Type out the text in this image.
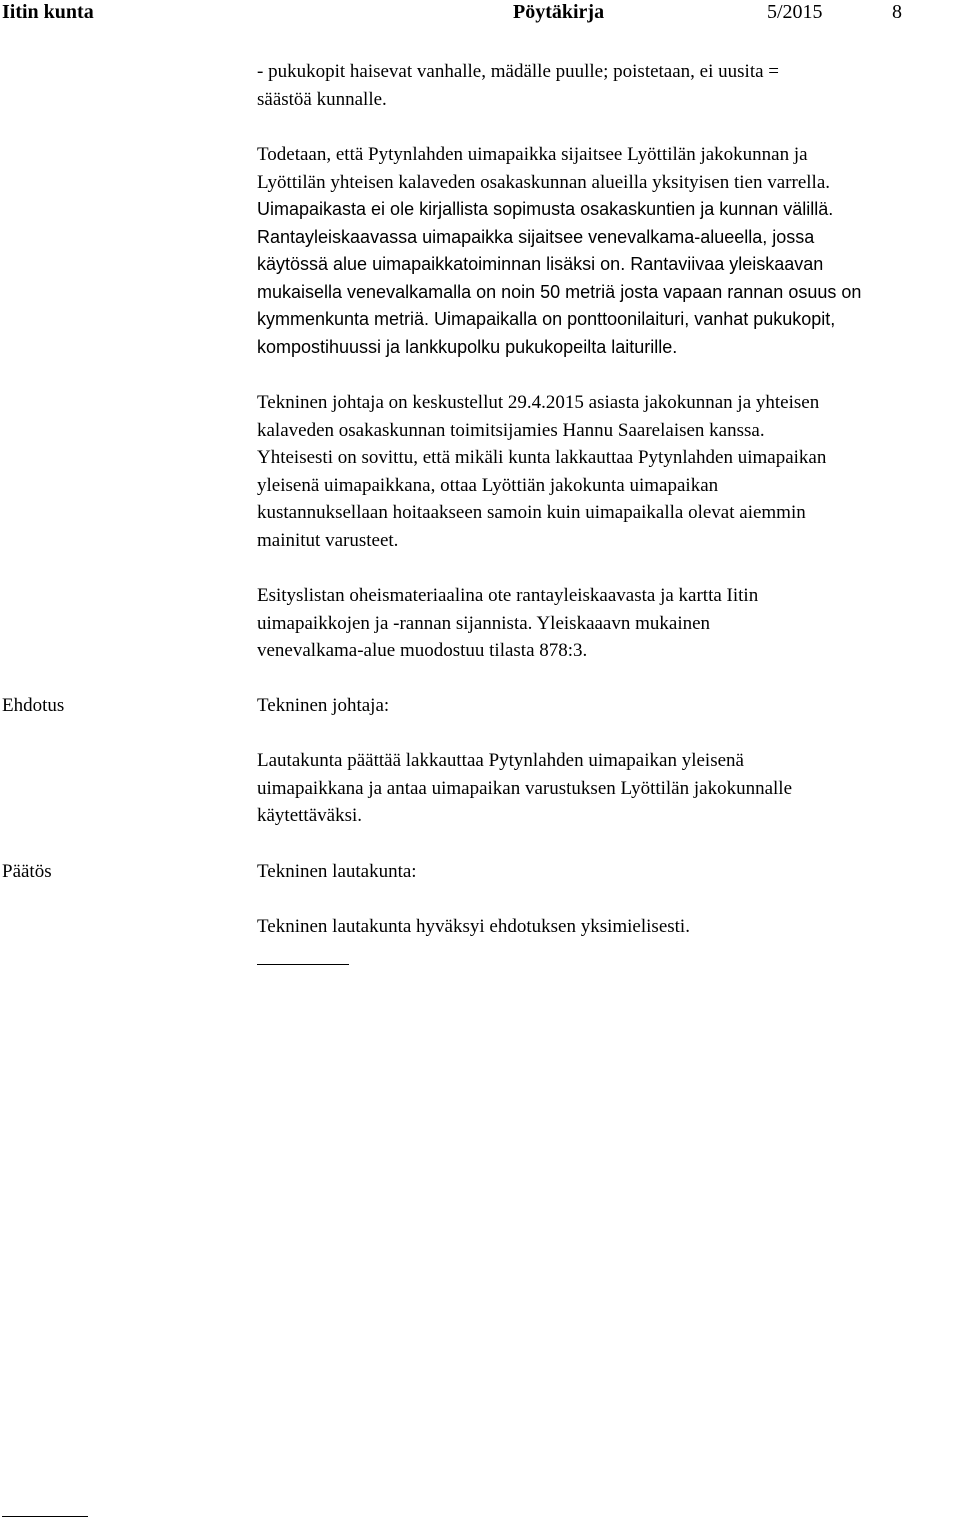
Iitin kunta	Pöytäkirja	5/2015	8

- pukukopit haisevat vanhalle, mädälle puulle; poistetaan, ei uusita =
säästöä kunnalle.

Todetaan, että Pytynlahden uimapaikka sijaitsee Lyöttilän jakokunnan ja
Lyöttilän yhteisen kalaveden osakaskunnan alueilla yksityisen tien varrella.

Uimapaikasta ei ole kirjallista sopimusta osakaskuntien ja kunnan välillä.
Rantayleiskaavassa uimapaikka sijaitsee venevalkama-alueella, jossa
käytössä alue uimapaikkatoiminnan lisäksi on. Rantaviivaa yleiskaavan
mukaisella venevalkamalla on noin 50 metriä josta vapaan rannan osuus on
kymmenkunta metriä. Uimapaikalla on ponttoonilaituri, vanhat pukukopit,
kompostihuussi ja lankkupolku pukukopeilta laiturille.

Tekninen johtaja on keskustellut 29.4.2015 asiasta jakokunnan ja yhteisen
kalaveden osakaskunnan toimitsijamies Hannu Saarelaisen kanssa.
Yhteisesti on sovittu, että mikäli kunta lakkauttaa Pytynlahden uimapaikan
yleisenä uimapaikkana, ottaa Lyöttiän jakokunta uimapaikan
kustannuksellaan hoitaakseen samoin kuin uimapaikalla olevat aiemmin
mainitut varusteet.

Esityslistan oheismateriaalina ote rantayleiskaavasta ja kartta Iitin
uimapaikkojen ja -rannan sijannista. Yleiskaaavn mukainen
venevalkama-alue muodostuu tilasta 878:3.

Ehdotus	Tekninen johtaja:

Lautakunta päättää lakkauttaa Pytynlahden uimapaikan yleisenä
uimapaikkana ja antaa uimapaikan varustuksen Lyöttilän jakokunnalle
käytettäväksi.

Päätös	Tekninen lautakunta:

Tekninen lautakunta hyväksyi ehdotuksen yksimielisesti.
